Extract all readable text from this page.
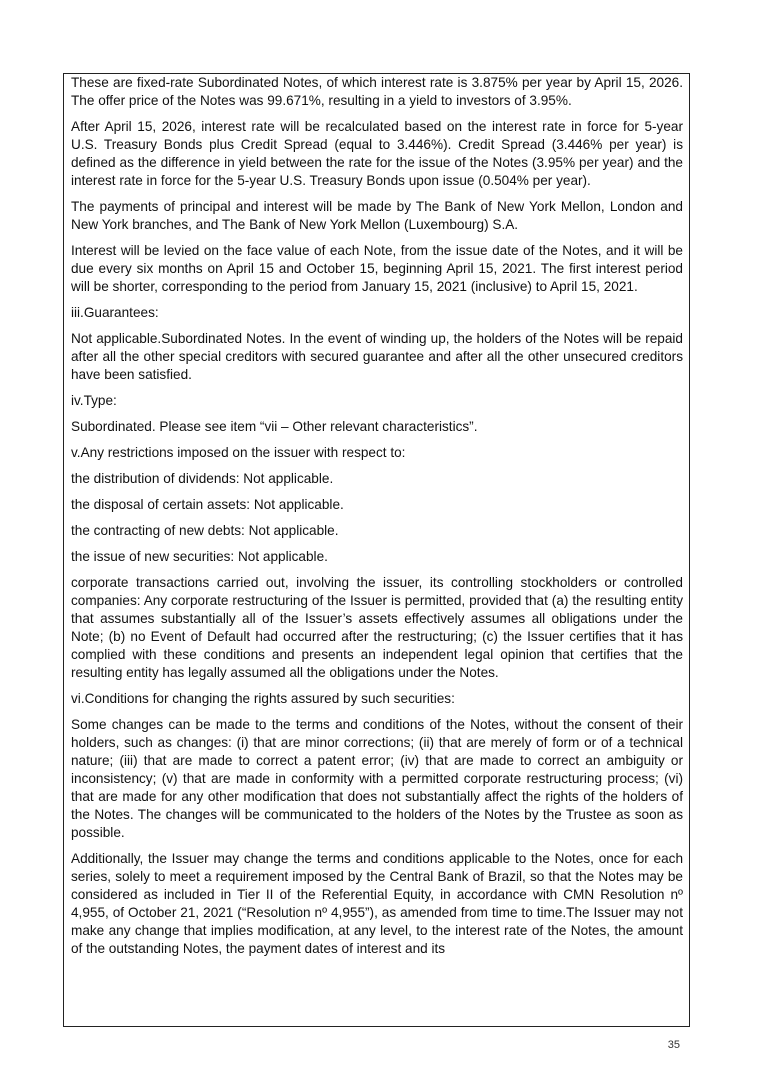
These are fixed-rate Subordinated Notes, of which interest rate is 3.875% per year by April 15, 2026. The offer price of the Notes was 99.671%, resulting in a yield to investors of 3.95%.

After April 15, 2026, interest rate will be recalculated based on the interest rate in force for 5-year U.S. Treasury Bonds plus Credit Spread (equal to 3.446%). Credit Spread (3.446% per year) is defined as the difference in yield between the rate for the issue of the Notes (3.95% per year) and the interest rate in force for the 5-year U.S. Treasury Bonds upon issue (0.504% per year).

The payments of principal and interest will be made by The Bank of New York Mellon, London and New York branches, and The Bank of New York Mellon (Luxembourg) S.A.

Interest will be levied on the face value of each Note, from the issue date of the Notes, and it will be due every six months on April 15 and October 15, beginning April 15, 2021. The first interest period will be shorter, corresponding to the period from January 15, 2021 (inclusive) to April 15, 2021.

iii.Guarantees:

Not applicable.Subordinated Notes. In the event of winding up, the holders of the Notes will be repaid after all the other special creditors with secured guarantee and after all the other unsecured creditors have been satisfied.

iv.Type:

Subordinated. Please see item “vii – Other relevant characteristics”.

v.Any restrictions imposed on the issuer with respect to:

the distribution of dividends: Not applicable.

the disposal of certain assets: Not applicable.

the contracting of new debts: Not applicable.

the issue of new securities: Not applicable.

corporate transactions carried out, involving the issuer, its controlling stockholders or controlled companies: Any corporate restructuring of the Issuer is permitted, provided that (a) the resulting entity that assumes substantially all of the Issuer’s assets effectively assumes all obligations under the Note; (b) no Event of Default had occurred after the restructuring; (c) the Issuer certifies that it has complied with these conditions and presents an independent legal opinion that certifies that the resulting entity has legally assumed all the obligations under the Notes.

vi.Conditions for changing the rights assured by such securities:

Some changes can be made to the terms and conditions of the Notes, without the consent of their holders, such as changes: (i) that are minor corrections; (ii) that are merely of form or of a technical nature; (iii) that are made to correct a patent error; (iv) that are made to correct an ambiguity or inconsistency; (v) that are made in conformity with a permitted corporate restructuring process; (vi) that are made for any other modification that does not substantially affect the rights of the holders of the Notes. The changes will be communicated to the holders of the Notes by the Trustee as soon as possible.

Additionally, the Issuer may change the terms and conditions applicable to the Notes, once for each series, solely to meet a requirement imposed by the Central Bank of Brazil, so that the Notes may be considered as included in Tier II of the Referential Equity, in accordance with CMN Resolution nº 4,955, of October 21, 2021 (“Resolution nº 4,955”), as amended from time to time.The Issuer may not make any change that implies modification, at any level, to the interest rate of the Notes, the amount of the outstanding Notes, the payment dates of interest and its

35
